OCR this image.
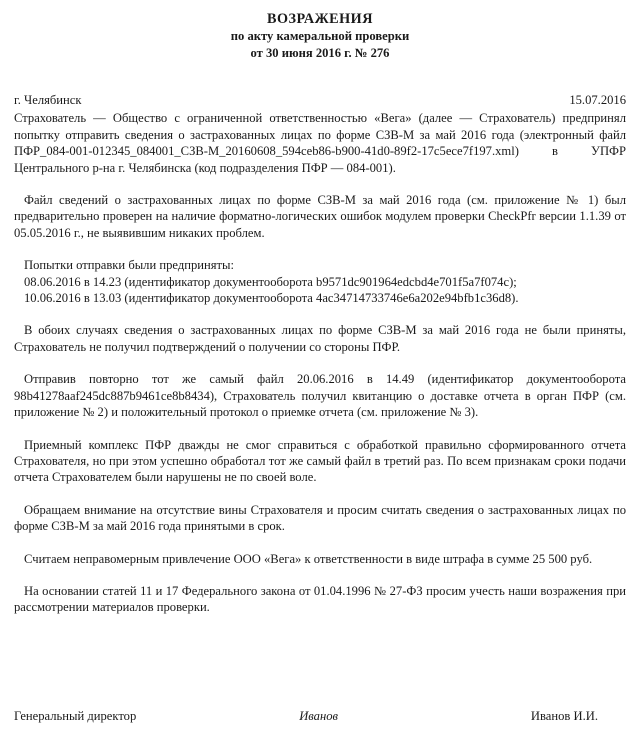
ВОЗРАЖЕНИЯ
по акту камеральной проверки
от 30 июня 2016 г. № 276
г. Челябинск	15.07.2016

Страхователь — Общество с ограниченной ответственностью «Вега» (далее — Страхователь) предпринял попытку отправить сведения о застрахованных лицах по форме СЗВ-М за май 2016 года (электронный файл ПФР_084-001-012345_084001_СЗВ-М_20160608_594ceb86-b900-41d0-89f2-17c5ece7f197.xml) в УПФР Центрального р-на г. Челябинска (код подразделения ПФР — 084-001).

Файл сведений о застрахованных лицах по форме СЗВ-М за май 2016 года (см. приложение № 1) был предварительно проверен на наличие форматно-логических ошибок модулем проверки CheckPfr версии 1.1.39 от 05.05.2016 г., не выявившим никаких проблем.

Попытки отправки были предприняты:
08.06.2016 в 14.23 (идентификатор документооборота b9571dc901964edcbd4e701f5a7f074c);
10.06.2016 в 13.03 (идентификатор документооборота 4ac34714733746e6a202e94bfb1c36d8).

В обоих случаях сведения о застрахованных лицах по форме СЗВ-М за май 2016 года не были приняты, Страхователь не получил подтверждений о получении со стороны ПФР.

Отправив повторно тот же самый файл 20.06.2016 в 14.49 (идентификатор документооборота 98b41278aaf245dc887b9461ce8b8434), Страхователь получил квитанцию о доставке отчета в орган ПФР (см. приложение № 2) и положительный протокол о приемке отчета (см. приложение № 3).

Приемный комплекс ПФР дважды не смог справиться с обработкой правильно сформированного отчета Страхователя, но при этом успешно обработал тот же самый файл в третий раз. По всем признакам сроки подачи отчета Страхователем были нарушены не по своей воле.

Обращаем внимание на отсутствие вины Страхователя и просим считать сведения о застрахованных лицах по форме СЗВ-М за май 2016 года принятыми в срок.

Считаем неправомерным привлечение ООО «Вега» к ответственности в виде штрафа в сумме 25 500 руб.

На основании статей 11 и 17 Федерального закона от 01.04.1996 № 27-ФЗ просим учесть наши возражения при рассмотрении материалов проверки.

Генеральный директор	Иванов	Иванов И.И.
